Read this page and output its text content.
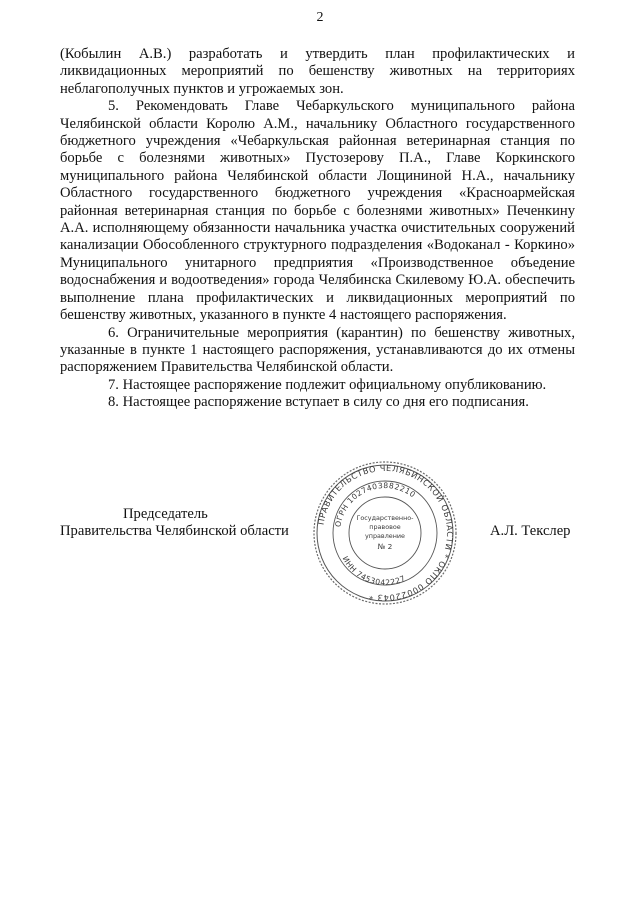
2

(Кобылин А.В.) разработать и утвердить план профилактических и ликвидационных мероприятий по бешенству животных на территориях неблагополучных пунктов и угрожаемых зон.

5. Рекомендовать Главе Чебаркульского муниципального района Челябинской области Королю А.М., начальнику Областного государственного бюджетного учреждения «Чебаркульская районная ветеринарная станция по борьбе с болезнями животных» Пустозерову П.А., Главе Коркинского муниципального района Челябинской области Лощининой Н.А., начальнику Областного государственного бюджетного учреждения «Красноармейская районная ветеринарная станция по борьбе с болезнями животных» Печенкину А.А. исполняющему обязанности начальника участка очистительных сооружений канализации Обособленного структурного подразделения «Водоканал - Коркино» Муниципального унитарного предприятия «Производственное объедение водоснабжения и водоотведения» города Челябинска Скилевому Ю.А. обеспечить выполнение плана профилактических и ликвидационных мероприятий по бешенству животных, указанного в пункте 4 настоящего распоряжения.

6. Ограничительные мероприятия (карантин) по бешенству животных, указанные в пункте 1 настоящего распоряжения, устанавливаются до их отмены распоряжением Правительства Челябинской области.

7. Настоящее распоряжение подлежит официальному опубликованию.

8. Настоящее распоряжение вступает в силу со дня его подписания.

Председатель
Правительства Челябинской области	А.Л. Текслер
ПРАВИТЕЛЬСТВО ЧЕЛЯБИНСКОЙ ОБЛАСТИ * ОКПО 00022043 *
ОГРН 1027403882210
ИНН 7453042227
Государственно-
правовое
управление
№ 2
